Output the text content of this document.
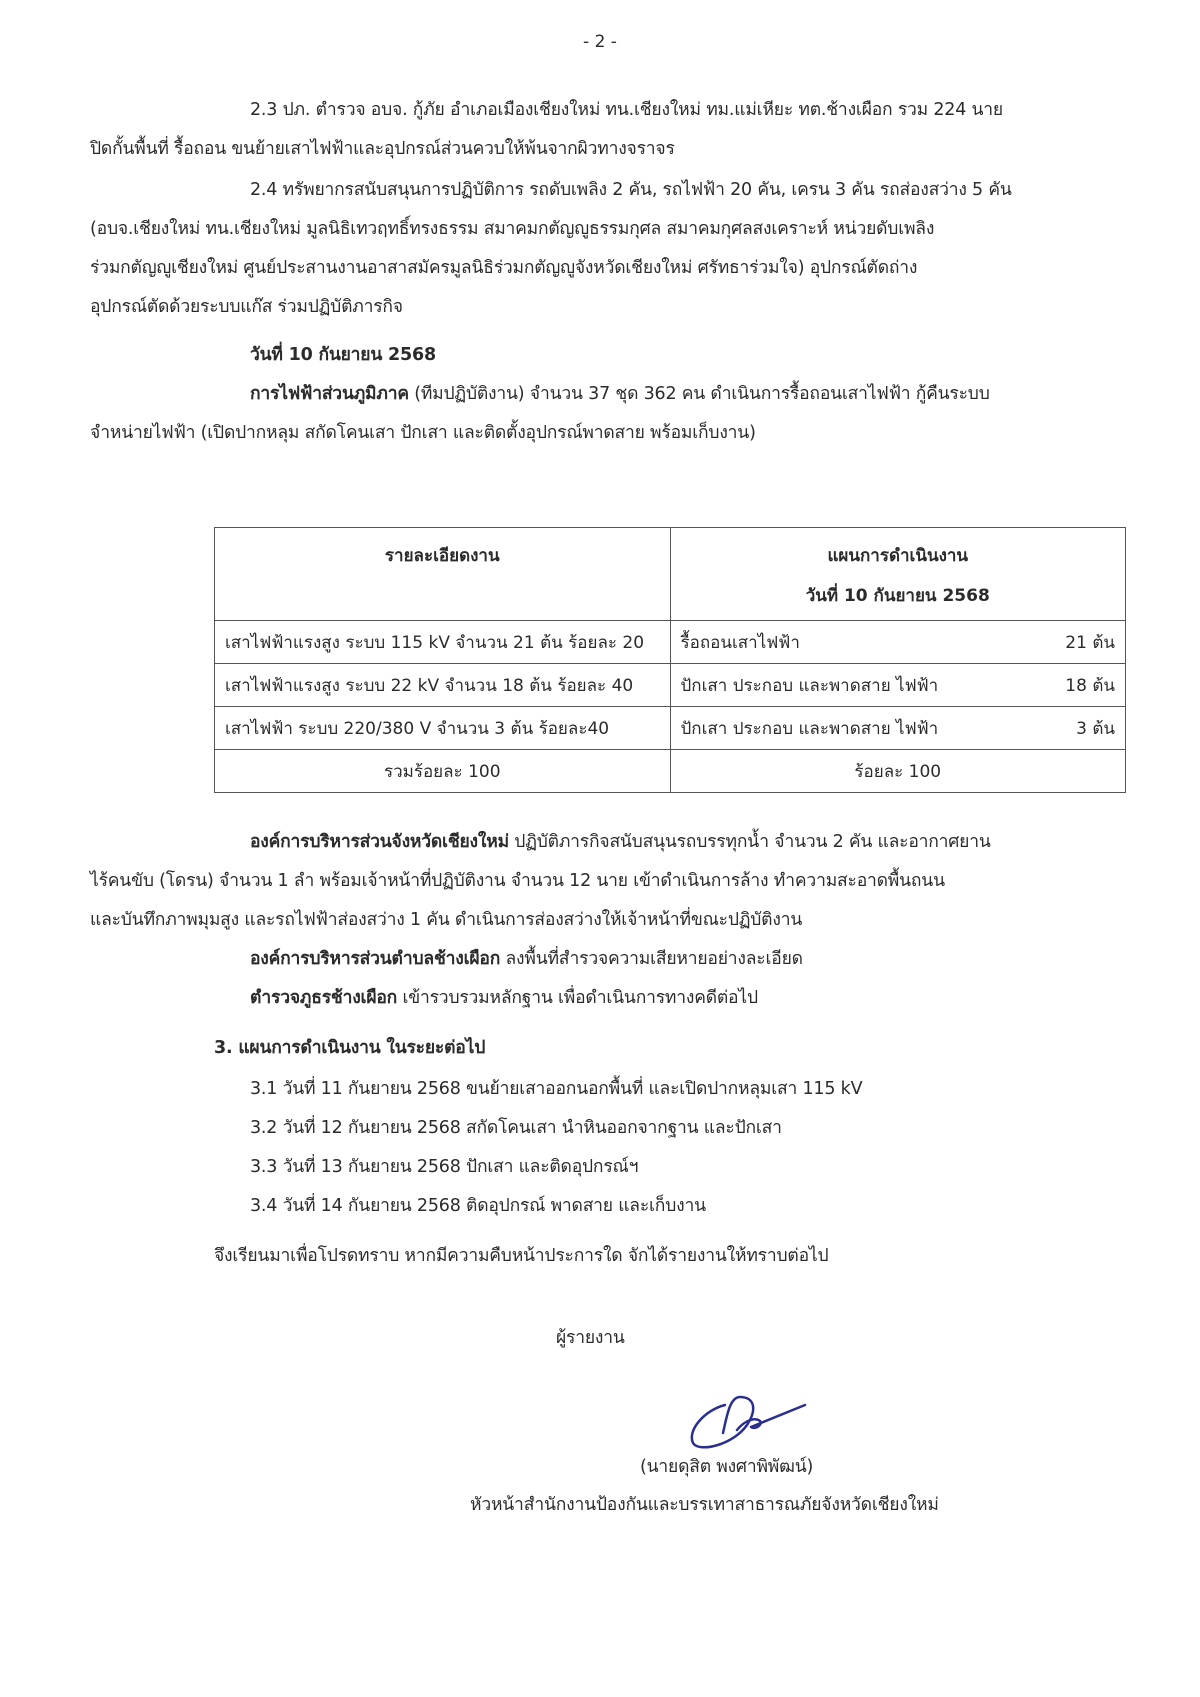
- 2 -
2.3 ปภ. ตำรวจ อบจ. กู้ภัย อำเภอเมืองเชียงใหม่ ทน.เชียงใหม่ ทม.แม่เหียะ ทต.ช้างเผือก รวม 224 นาย
ปิดกั้นพื้นที่ รื้อถอน ขนย้ายเสาไฟฟ้าและอุปกรณ์ส่วนควบให้พ้นจากผิวทางจราจร
2.4 ทรัพยากรสนับสนุนการปฏิบัติการ รถดับเพลิง 2 คัน, รถไฟฟ้า 20 คัน, เครน 3 คัน รถส่องสว่าง 5 คัน
(อบจ.เชียงใหม่ ทน.เชียงใหม่ มูลนิธิเทวฤทธิ์ทรงธรรม สมาคมกตัญญูธรรมกุศล สมาคมกุศลสงเคราะห์ หน่วยดับเพลิง
ร่วมกตัญญูเชียงใหม่ ศูนย์ประสานงานอาสาสมัครมูลนิธิร่วมกตัญญูจังหวัดเชียงใหม่ ศรัทธาร่วมใจ) อุปกรณ์ตัดถ่าง
อุปกรณ์ตัดด้วยระบบแก๊ส ร่วมปฏิบัติภารกิจ
วันที่ 10 กันยายน 2568
การไฟฟ้าส่วนภูมิภาค (ทีมปฏิบัติงาน) จำนวน 37 ชุด 362 คน ดำเนินการรื้อถอนเสาไฟฟ้า กู้คืนระบบ
จำหน่ายไฟฟ้า (เปิดปากหลุม สกัดโคนเสา ปักเสา และติดตั้งอุปกรณ์พาดสาย พร้อมเก็บงาน)
รายละเอียดงาน	แผนการดำเนินงาน
วันที่ 10 กันยายน 2568

เสาไฟฟ้าแรงสูง ระบบ 115 kV จำนวน 21 ต้น ร้อยละ 20	รื้อถอนเสาไฟฟ้า 21 ต้น

เสาไฟฟ้าแรงสูง ระบบ 22 kV จำนวน 18 ต้น ร้อยละ 40	ปักเสา ประกอบ และพาดสาย ไฟฟ้า 18 ต้น

เสาไฟฟ้า ระบบ 220/380 V จำนวน 3 ต้น ร้อยละ40	ปักเสา ประกอบ และพาดสาย ไฟฟ้า 3 ต้น

รวมร้อยละ 100	ร้อยละ 100
องค์การบริหารส่วนจังหวัดเชียงใหม่ ปฏิบัติภารกิจสนับสนุนรถบรรทุกน้ำ จำนวน 2 คัน และอากาศยาน
ไร้คนขับ (โดรน) จำนวน 1 ลำ พร้อมเจ้าหน้าที่ปฏิบัติงาน จำนวน 12 นาย เข้าดำเนินการล้าง ทำความสะอาดพื้นถนน
และบันทึกภาพมุมสูง และรถไฟฟ้าส่องสว่าง 1 คัน ดำเนินการส่องสว่างให้เจ้าหน้าที่ขณะปฏิบัติงาน
องค์การบริหารส่วนตำบลช้างเผือก ลงพื้นที่สำรวจความเสียหายอย่างละเอียด
ตำรวจภูธรช้างเผือก เข้ารวบรวมหลักฐาน เพื่อดำเนินการทางคดีต่อไป
3. แผนการดำเนินงาน ในระยะต่อไป
3.1 วันที่ 11 กันยายน 2568 ขนย้ายเสาออกนอกพื้นที่ และเปิดปากหลุมเสา 115 kV
3.2 วันที่ 12 กันยายน 2568 สกัดโคนเสา นำหินออกจากฐาน และปักเสา
3.3 วันที่ 13 กันยายน 2568 ปักเสา และติดอุปกรณ์ฯ
3.4 วันที่ 14 กันยายน 2568 ติดอุปกรณ์ พาดสาย และเก็บงาน
จึงเรียนมาเพื่อโปรดทราบ หากมีความคืบหน้าประการใด จักได้รายงานให้ทราบต่อไป
ผู้รายงาน
(นายดุสิต พงศาพิพัฒน์)
หัวหน้าสำนักงานป้องกันและบรรเทาสาธารณภัยจังหวัดเชียงใหม่
